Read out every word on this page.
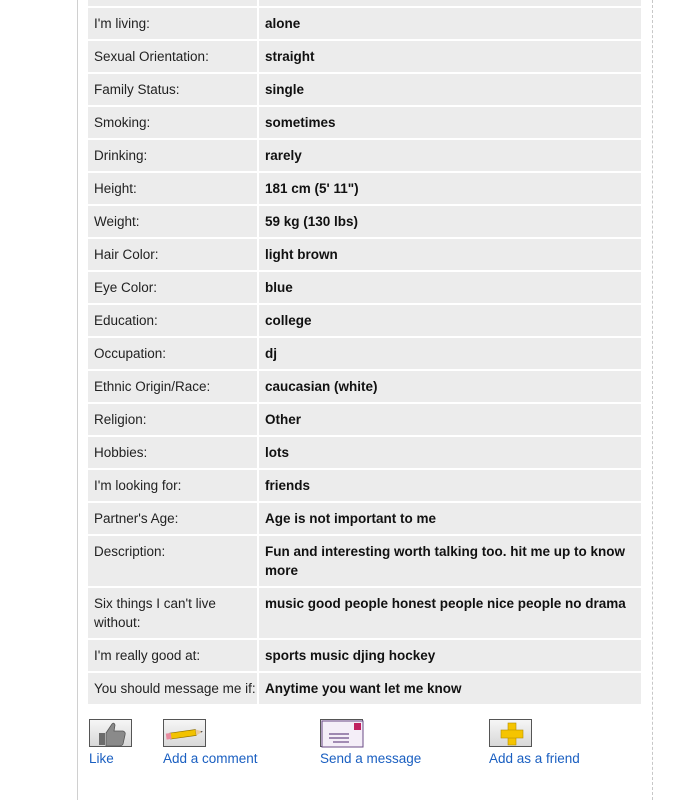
I'm living:	alone
Sexual Orientation:	straight
Family Status:	single
Smoking:	sometimes
Drinking:	rarely
Height:	181 cm (5' 11")
Weight:	59 kg (130 lbs)
Hair Color:	light brown
Eye Color:	blue
Education:	college
Occupation:	dj
Ethnic Origin/Race:	caucasian (white)
Religion:	Other
Hobbies:	lots
I'm looking for:	friends
Partner's Age:	Age is not important to me
Description:	Fun and interesting worth talking too. hit me up to know more
Six things I can't live without:
music good people honest people nice people no drama
I'm really good at:	sports music djing hockey
You should message me if: Anytime you want let me know
Like	Add a comment	Send a message	Add as a friend
